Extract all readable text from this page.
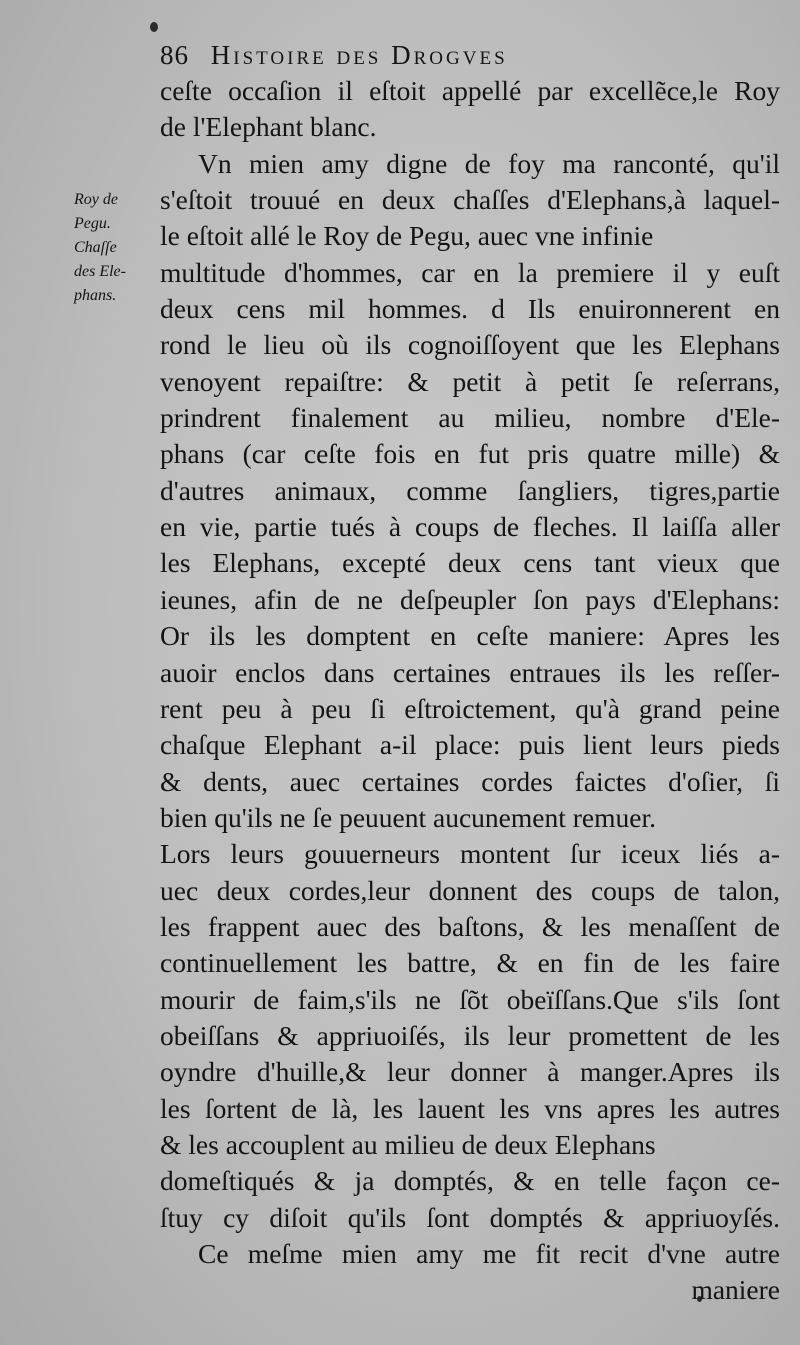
86 Histoire des Drogves
Roy de
Pegu.
Chaſſe
des Ele-
phans.
ceſte occaſion il eſtoit appellé par excellẽce,le Roy
de l'Elephant blanc.
Vn mien amy digne de foy ma ranconté, qu'il
s'eſtoit trouué en deux chaſſes d'Elephans,à laquel-
le eſtoit allé le Roy de Pegu, auec vne infinie
multitude d'hommes, car en la premiere il y euſt
deux cens mil hommes. d Ils enuironnerent en
rond le lieu où ils cognoiſſoyent que les Elephans
venoyent repaiſtre: & petit à petit ſe reſerrans,
prindrent finalement au milieu, nombre d'Ele-
phans (car ceſte fois en fut pris quatre mille) &
d'autres animaux, comme ſangliers, tigres,partie
en vie, partie tués à coups de fleches. Il laiſſa aller
les Elephans, excepté deux cens tant vieux que
ieunes, afin de ne deſpeupler ſon pays d'Elephans:
Or ils les domptent en ceſte maniere: Apres les
auoir enclos dans certaines entraues ils les reſſer-
rent peu à peu ſi eſtroictement, qu'à grand peine
chaſque Elephant a-il place: puis lient leurs pieds
& dents, auec certaines cordes faictes d'oſier, ſi
bien qu'ils ne ſe peuuent aucunement remuer.
Lors leurs gouuerneurs montent ſur iceux liés a-
uec deux cordes,leur donnent des coups de talon,
les frappent auec des baſtons, & les menaſſent de
continuellement les battre, & en fin de les faire
mourir de faim,s'ils ne ſõt obeïſſans.Que s'ils ſont
obeiſſans & appriuoiſés, ils leur promettent de les
oyndre d'huille,& leur donner à manger.Apres ils
les ſortent de là, les lauent les vns apres les autres
& les accouplent au milieu de deux Elephans
domeſtiqués & ja domptés, & en telle façon ce-
ſtuy cy diſoit qu'ils ſont domptés & appriuoyſés.
Ce meſme mien amy me fit recit d'vne autre
maniere
